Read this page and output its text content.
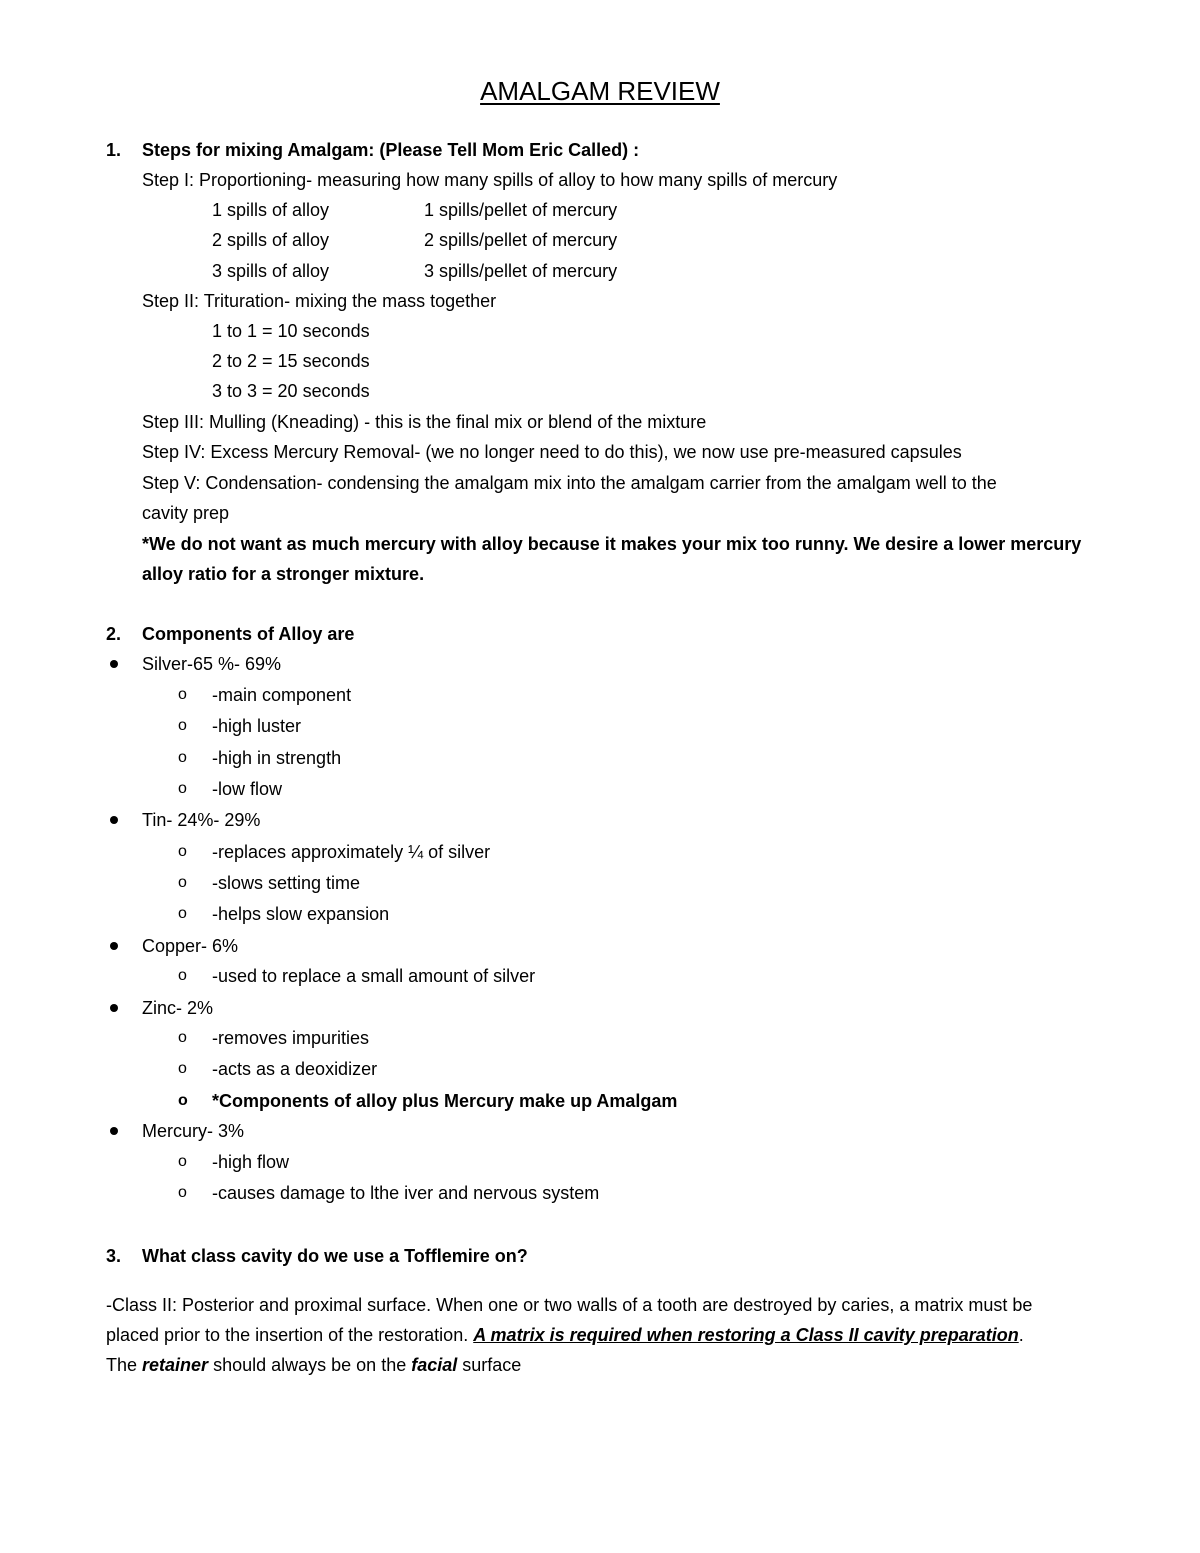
AMALGAM REVIEW
1. Steps for mixing Amalgam: (Please Tell Mom Eric Called) :
Step I: Proportioning- measuring how many spills of alloy to how many spills of mercury
1 spills of alloy	1 spills/pellet of mercury
2 spills of alloy	2 spills/pellet of mercury
3 spills of alloy	3 spills/pellet of mercury
Step II: Trituration- mixing the mass together
1 to 1 = 10 seconds
2 to 2 = 15 seconds
3 to 3 = 20 seconds
Step III: Mulling (Kneading) - this is the final mix or blend of the mixture
Step IV: Excess Mercury Removal- (we no longer need to do this), we now use pre-measured capsules
Step V: Condensation- condensing the amalgam mix into the amalgam carrier from the amalgam well to the
cavity prep
*We do not want as much mercury with alloy because it makes your mix too runny. We desire a lower mercury
alloy ratio for a stronger mixture.
2. Components of Alloy are
Silver-65 %- 69%
o -main component
o -high luster
o -high in strength
o -low flow
Tin- 24%- 29%
o -replaces approximately ¼ of silver
o -slows setting time
o -helps slow expansion
Copper- 6%
o -used to replace a small amount of silver
Zinc- 2%
o -removes impurities
o -acts as a deoxidizer
o *Components of alloy plus Mercury make up Amalgam
Mercury- 3%
o -high flow
o -causes damage to lthe iver and nervous system
3. What class cavity do we use a Tofflemire on?
-Class II: Posterior and proximal surface. When one or two walls of a tooth are destroyed by caries, a matrix must be
placed prior to the insertion of the restoration. A matrix is required when restoring a Class II cavity preparation.
The retainer should always be on the facial surface
